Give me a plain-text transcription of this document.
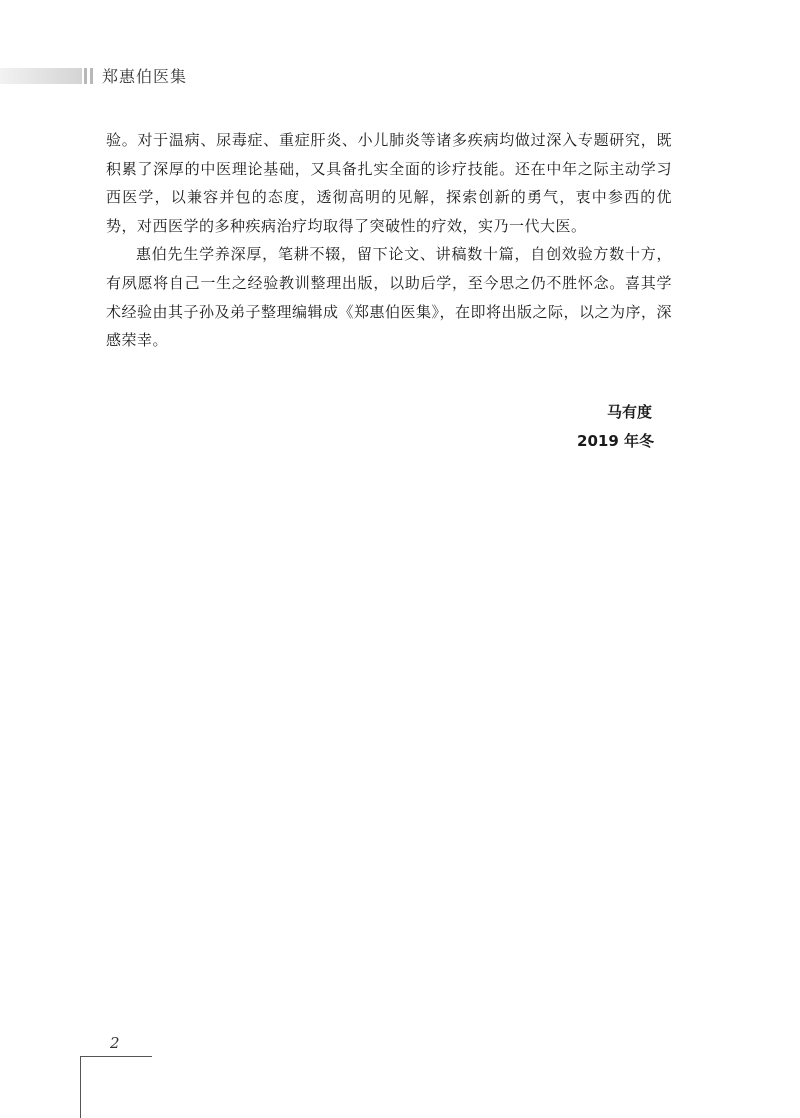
郑惠伯医集

验。对于温病、尿毒症、重症肝炎、小儿肺炎等诸多疾病均做过深入专题研究，既积累了深厚的中医理论基础，又具备扎实全面的诊疗技能。还在中年之际主动学习西医学，以兼容并包的态度，透彻高明的见解，探索创新的勇气，衷中参西的优势，对西医学的多种疾病治疗均取得了突破性的疗效，实乃一代大医。

惠伯先生学养深厚，笔耕不辍，留下论文、讲稿数十篇，自创效验方数十方，有夙愿将自己一生之经验教训整理出版，以助后学，至今思之仍不胜怀念。喜其学术经验由其子孙及弟子整理编辑成《郑惠伯医集》，在即将出版之际，以之为序，深感荣幸。

马有度
2019 年冬
2
